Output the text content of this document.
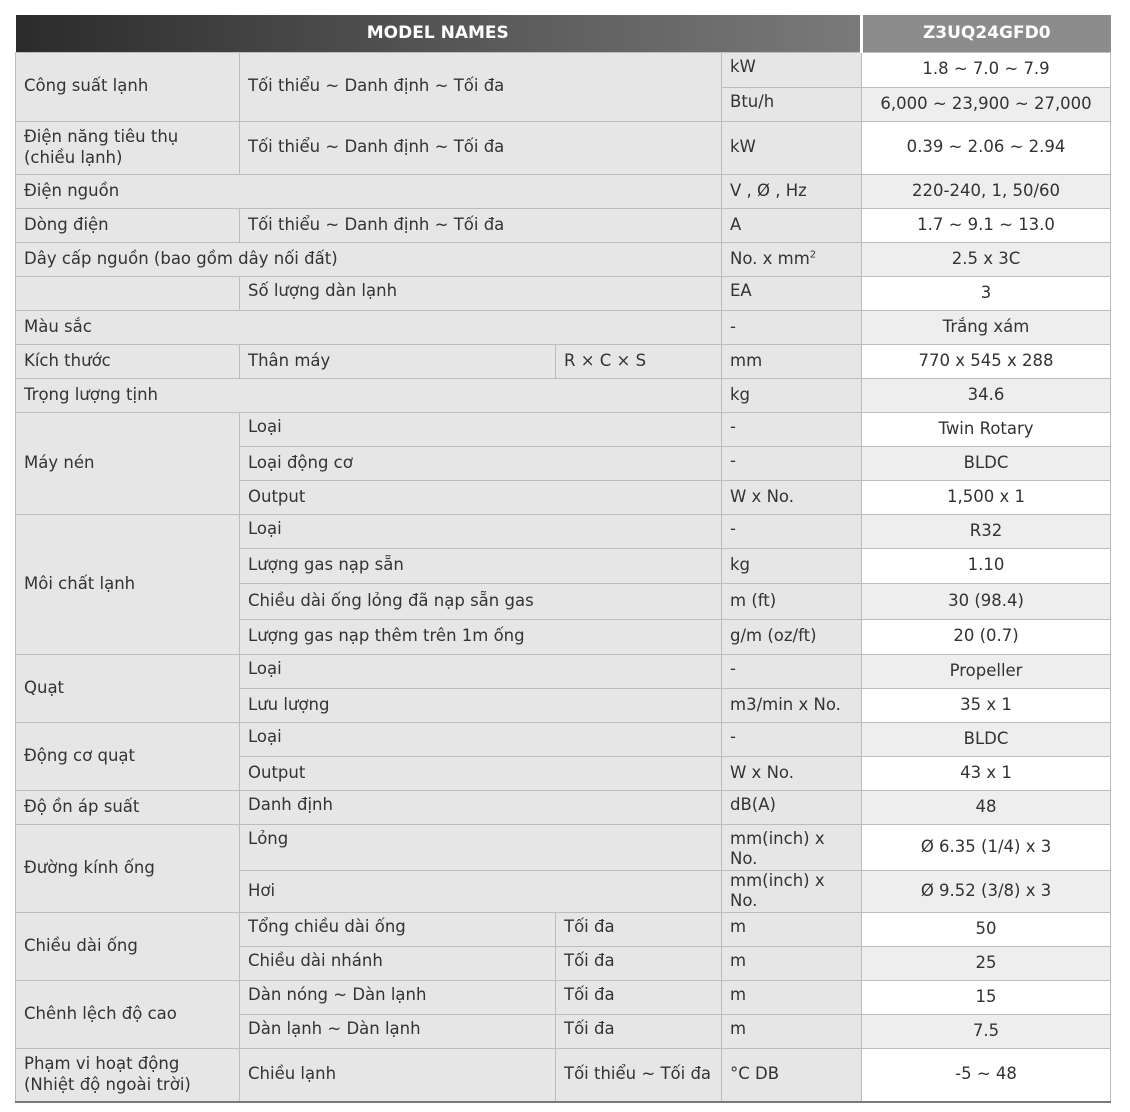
MODEL NAMES				Z3UQ24GFD0
Công suất lạnh	Tối thiểu ~ Danh định ~ Tối đa		kW	1.8 ~ 7.0 ~ 7.9
			Btu/h	6,000 ~ 23,900 ~ 27,000
Điện năng tiêu thụ (chiều lạnh)	Tối thiểu ~ Danh định ~ Tối đa		kW	0.39 ~ 2.06 ~ 2.94
Điện nguồn			V , Ø , Hz	220-240, 1, 50/60
Dòng điện	Tối thiểu ~ Danh định ~ Tối đa		A	1.7 ~ 9.1 ~ 13.0
Dây cấp nguồn (bao gồm dây nối đất)			No. x $mm^2$	2.5 x 3C
	Số lượng dàn lạnh		EA	3
Màu sắc			-	Trắng xám
Kích thước	Thân máy	R × C × S	mm	770 x 545 x 288
Trọng lượng tịnh			kg	34.6
Máy nén	Loại		-	Twin Rotary
	Loại động cơ		-	BLDC
	Output		W x No.	1,500 x 1
Môi chất lạnh	Loại		-	R32
	Lượng gas nạp sẵn		kg	1.10
	Chiều dài ống lỏng đã nạp sẵn gas		m (ft)	30 (98.4)
	Lượng gas nạp thêm trên 1m ống		g/m (oz/ft)	20 (0.7)
Quạt	Loại		-	Propeller
	Lưu lượng		m3/min x No.	35 x 1
Động cơ quạt	Loại		-	BLDC
	Output		W x No.	43 x 1
Độ ồn áp suất	Danh định		dB(A)	48
Đường kính ống	Lỏng		mm(inch) x No.	Ø 6.35 (1/4) x 3
	Hơi		mm(inch) x No.	Ø 9.52 (3/8) x 3
Chiều dài ống	Tổng chiều dài ống	Tối đa	m	50
	Chiều dài nhánh	Tối đa	m	25
Chênh lệch độ cao	Dàn nóng ~ Dàn lạnh	Tối đa	m	15
	Dàn lạnh ~ Dàn lạnh	Tối đa	m	7.5
Phạm vi hoạt động (Nhiệt độ ngoài trời)	Chiều lạnh	Tối thiểu ~ Tối đa	°C DB	-5 ~ 48
